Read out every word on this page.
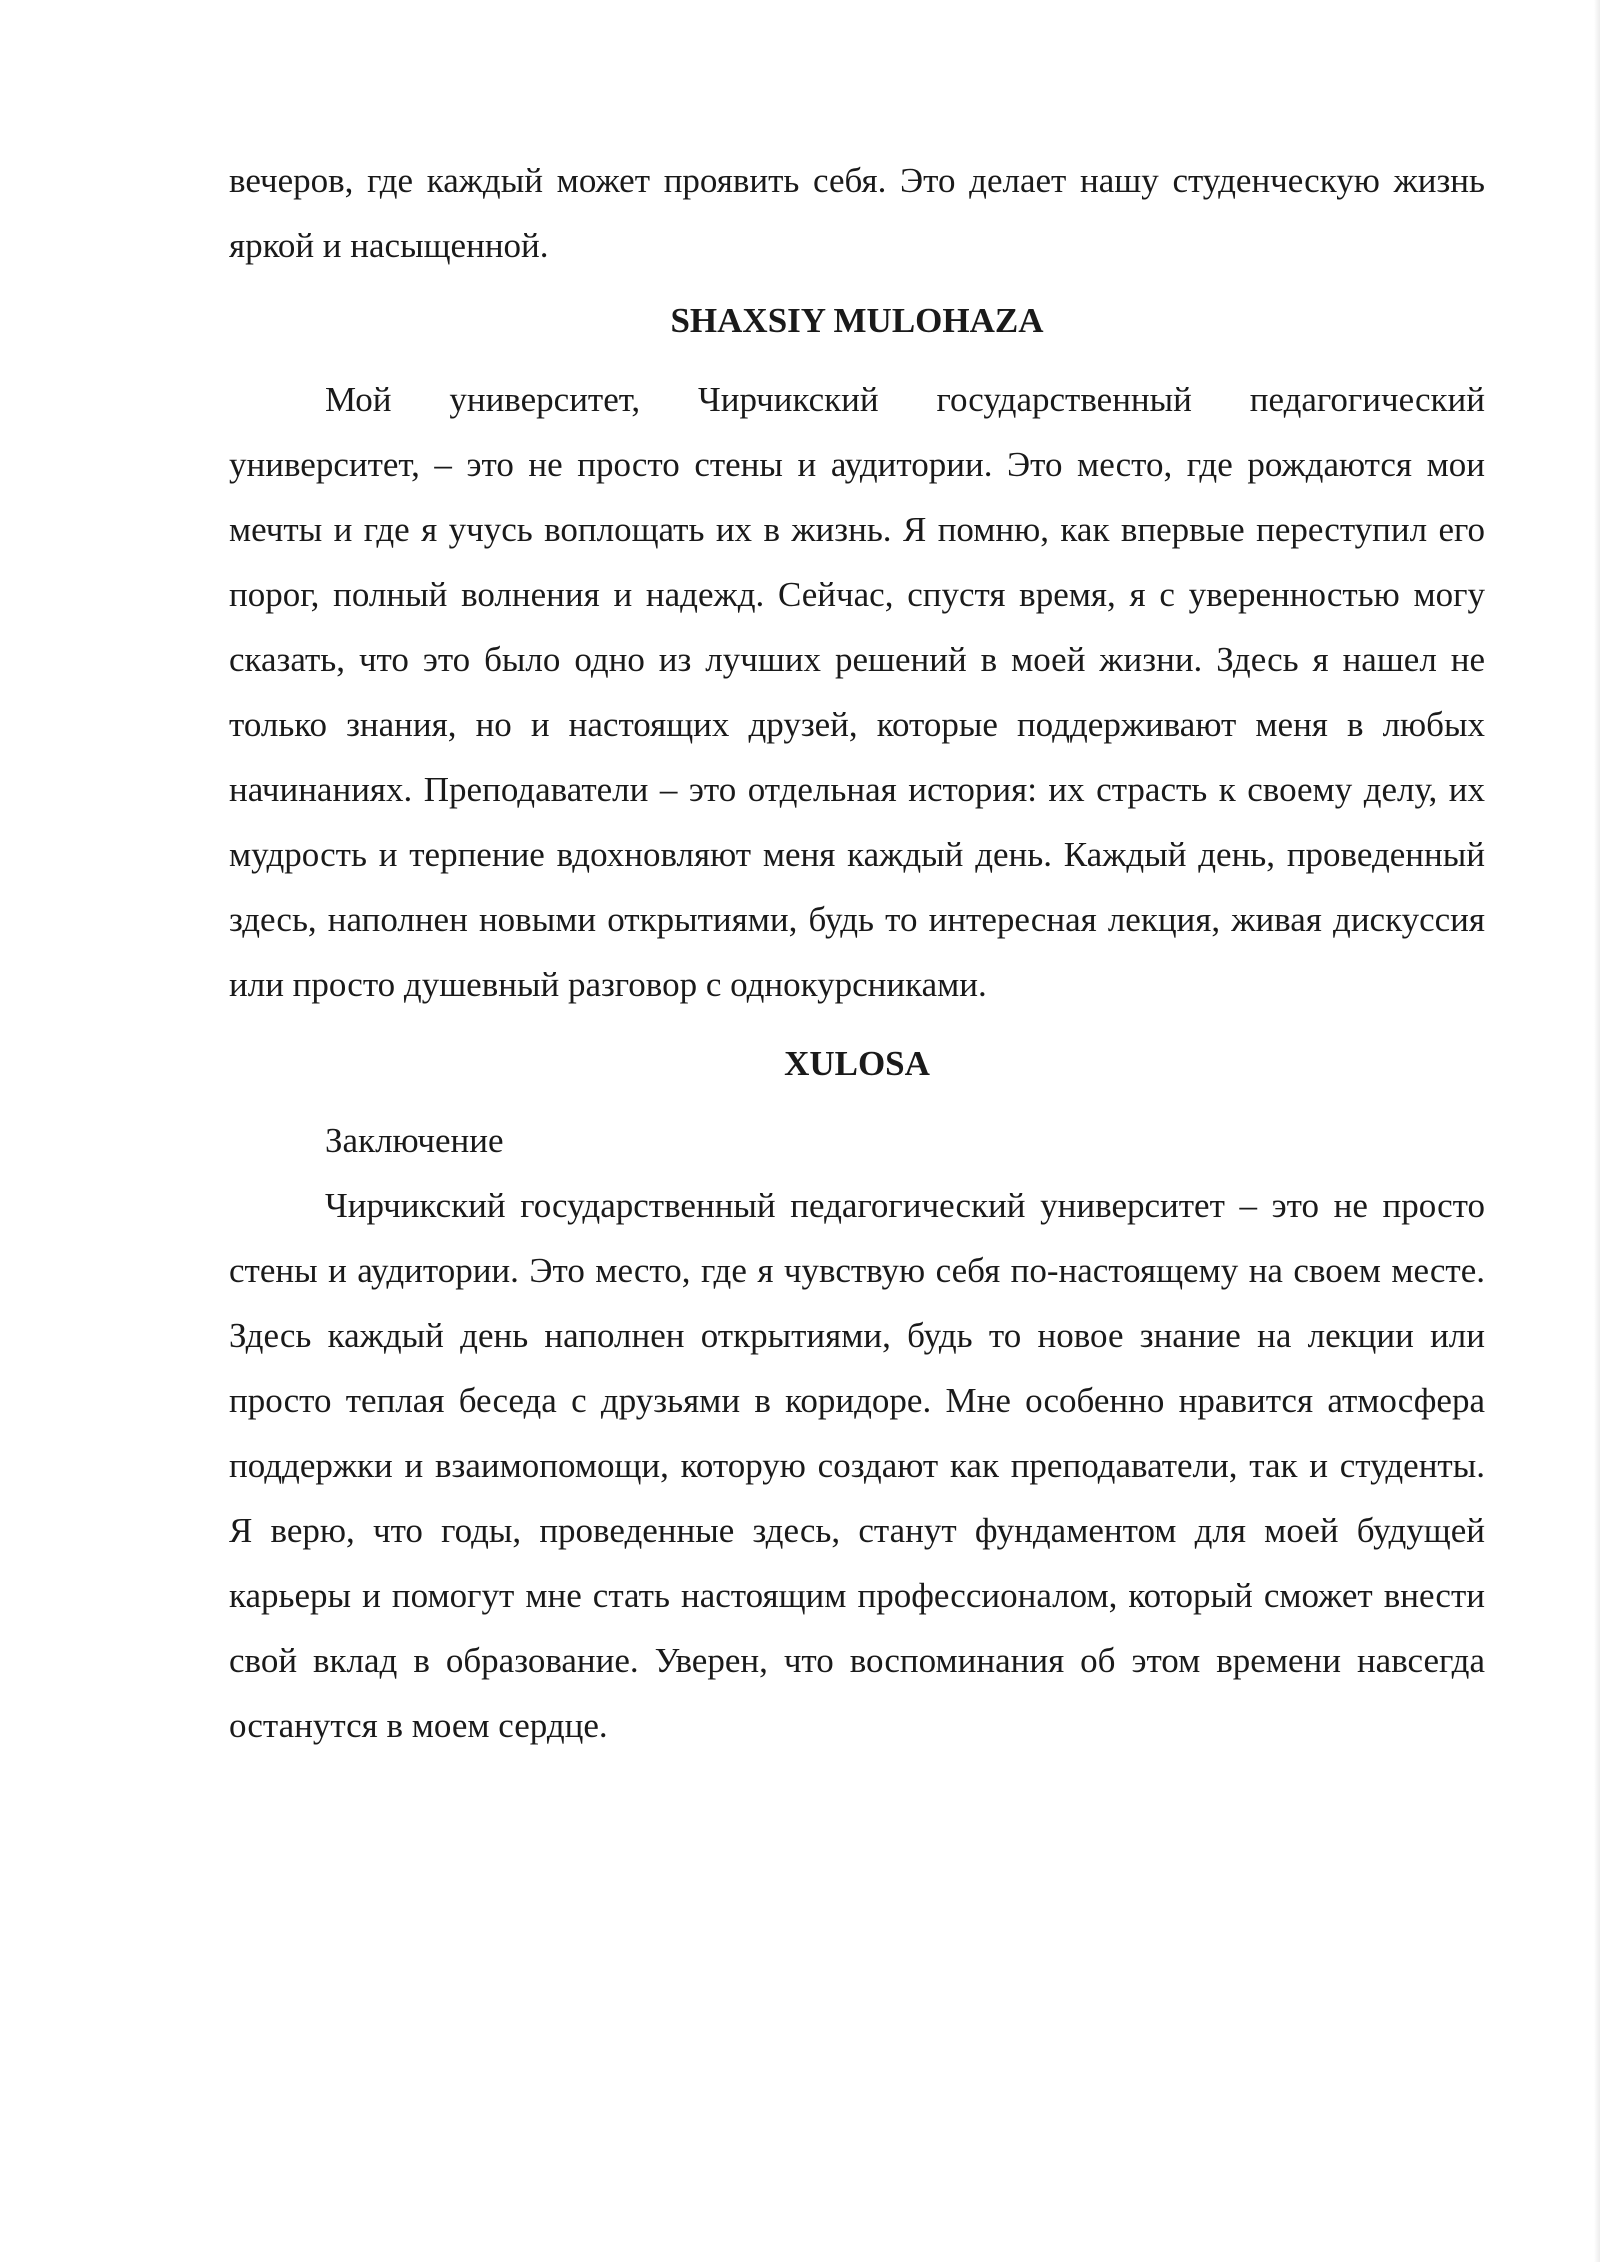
вечеров, где каждый может проявить себя. Это делает нашу студенческую жизнь яркой и насыщенной.

SHAXSIY MULOHAZA

Мой университет, Чирчикский государственный педагогический университет, – это не просто стены и аудитории. Это место, где рождаются мои мечты и где я учусь воплощать их в жизнь. Я помню, как впервые переступил его порог, полный волнения и надежд. Сейчас, спустя время, я с уверенностью могу сказать, что это было одно из лучших решений в моей жизни. Здесь я нашел не только знания, но и настоящих друзей, которые поддерживают меня в любых начинаниях. Преподаватели – это отдельная история: их страсть к своему делу, их мудрость и терпение вдохновляют меня каждый день. Каждый день, проведенный здесь, наполнен новыми открытиями, будь то интересная лекция, живая дискуссия или просто душевный разговор с однокурсниками.

XULOSA

Заключение

Чирчикский государственный педагогический университет – это не просто стены и аудитории. Это место, где я чувствую себя по-настоящему на своем месте. Здесь каждый день наполнен открытиями, будь то новое знание на лекции или просто теплая беседа с друзьями в коридоре. Мне особенно нравится атмосфера поддержки и взаимопомощи, которую создают как преподаватели, так и студенты. Я верю, что годы, проведенные здесь, станут фундаментом для моей будущей карьеры и помогут мне стать настоящим профессионалом, который сможет внести свой вклад в образование. Уверен, что воспоминания об этом времени навсегда останутся в моем сердце.
